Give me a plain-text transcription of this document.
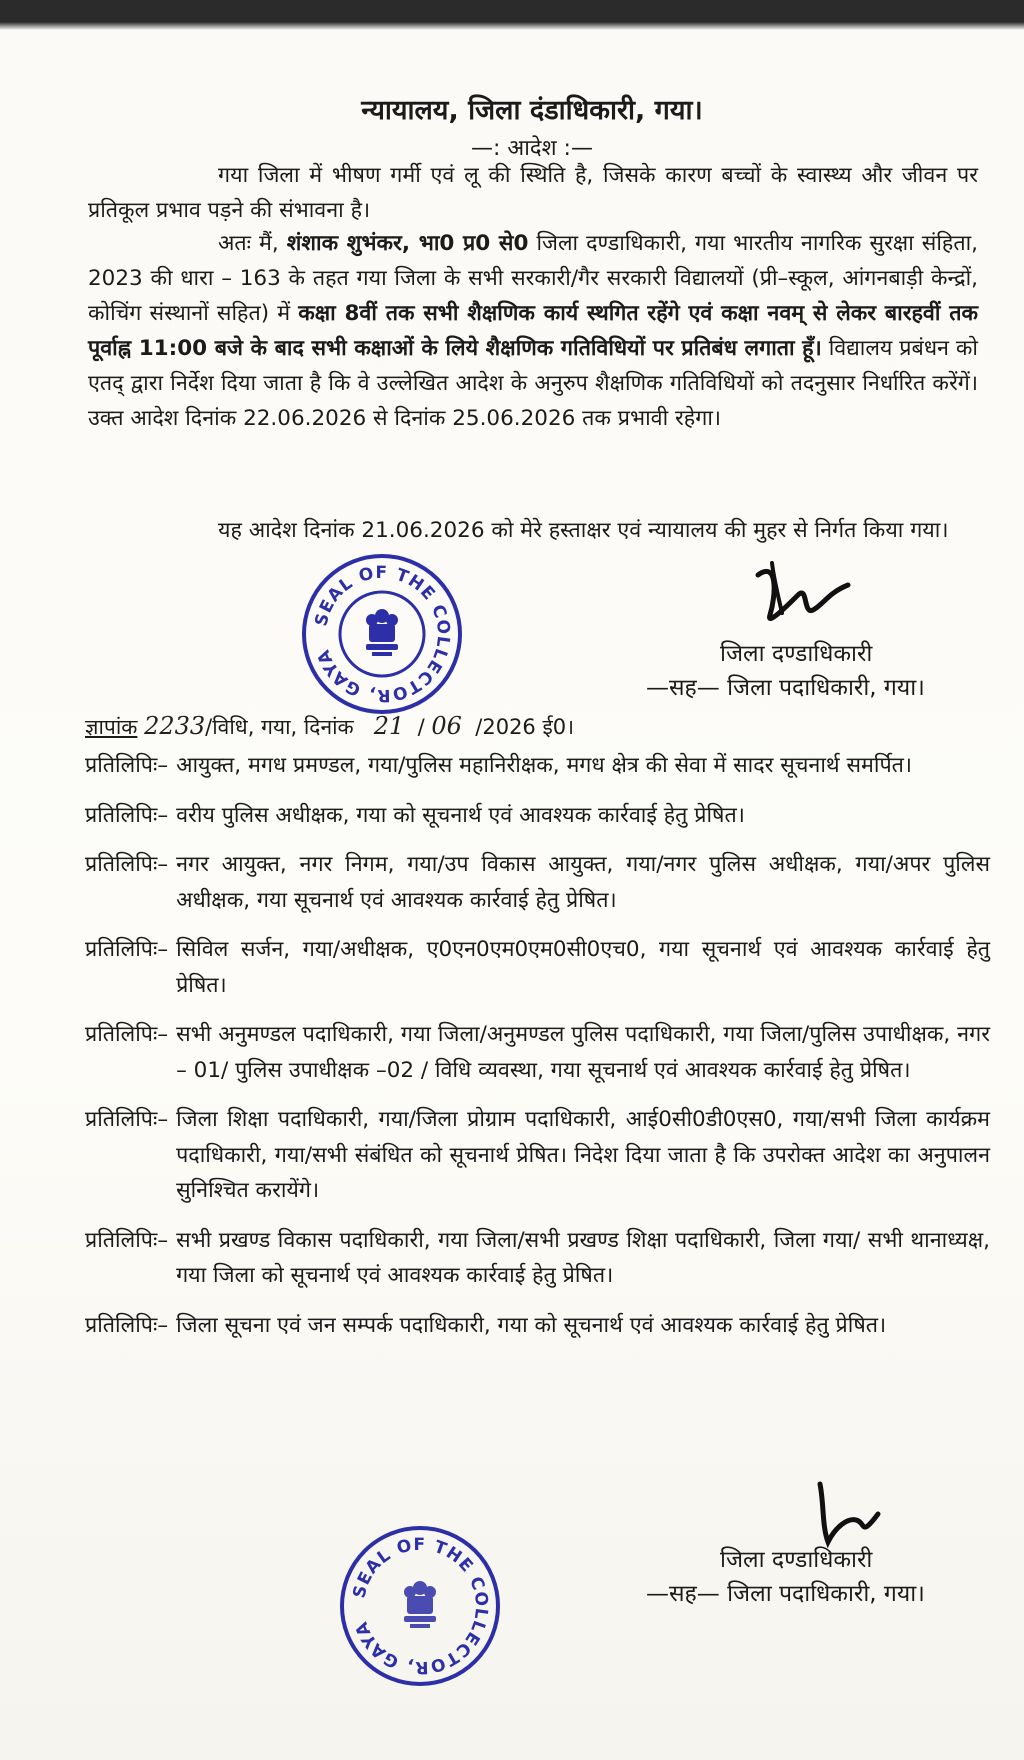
न्यायालय, जिला दंडाधिकारी, गया।
—: आदेश :—
गया जिला में भीषण गर्मी एवं लू की स्थिति है, जिसके कारण बच्चों के स्वास्थ्य और जीवन पर प्रतिकूल प्रभाव पड़ने की संभावना है।
अतः मैं, शंशाक शुभंकर, भा0 प्र0 से0 जिला दण्डाधिकारी, गया भारतीय नागरिक सुरक्षा संहिता, 2023 की धारा – 163 के तहत गया जिला के सभी सरकारी/गैर सरकारी विद्यालयों (प्री–स्कूल, आंगनबाड़ी केन्द्रों, कोचिंग संस्थानों सहित) में कक्षा 8वीं तक सभी शैक्षणिक कार्य स्थगित रहेंगे एवं कक्षा नवम् से लेकर बारहवीं तक पूर्वाह्न 11:00 बजे के बाद सभी कक्षाओं के लिये शैक्षणिक गतिविधियों पर प्रतिबंध लगाता हूँ। विद्यालय प्रबंधन को एतद् द्वारा निर्देश दिया जाता है कि वे उल्लेखित आदेश के अनुरुप शैक्षणिक गतिविधियों को तदनुसार निर्धारित करेंगें। उक्त आदेश दिनांक 22.06.2026 से दिनांक 25.06.2026 तक प्रभावी रहेगा।
यह आदेश दिनांक 21.06.2026 को मेरे हस्ताक्षर एवं न्यायालय की मुहर से निर्गत किया गया।
SEAL OF THE COLLECTOR, GAYA	जिला दण्डाधिकारी
—सह— जिला पदाधिकारी, गया।
ज्ञापांक 2233/विधि, गया, दिनांक 21  / 06 /2026 ई0।
प्रतिलिपिः– आयुक्त, मगध प्रमण्डल, गया/पुलिस महानिरीक्षक, मगध क्षेत्र की सेवा में सादर सूचनार्थ समर्पित।
प्रतिलिपिः– वरीय पुलिस अधीक्षक, गया को सूचनार्थ एवं आवश्यक कार्रवाई हेतु प्रेषित।
प्रतिलिपिः– नगर आयुक्त, नगर निगम, गया/उप विकास आयुक्त, गया/नगर पुलिस अधीक्षक, गया/अपर पुलिस अधीक्षक, गया सूचनार्थ एवं आवश्यक कार्रवाई हेतु प्रेषित।
प्रतिलिपिः– सिविल सर्जन, गया/अधीक्षक, ए0एन0एम0एम0सी0एच0, गया सूचनार्थ एवं आवश्यक कार्रवाई हेतु प्रेषित।
प्रतिलिपिः– सभी अनुमण्डल पदाधिकारी, गया जिला/अनुमण्डल पुलिस पदाधिकारी, गया जिला/पुलिस उपाधीक्षक, नगर – 01/ पुलिस उपाधीक्षक –02 / विधि व्यवस्था, गया सूचनार्थ एवं आवश्यक कार्रवाई हेतु प्रेषित।
प्रतिलिपिः– जिला शिक्षा पदाधिकारी, गया/जिला प्रोग्राम पदाधिकारी, आई0सी0डी0एस0, गया/सभी जिला कार्यक्रम पदाधिकारी, गया/सभी संबंधित को सूचनार्थ प्रेषित। निदेश दिया जाता है कि उपरोक्त आदेश का अनुपालन सुनिश्चित करायेंगे।
प्रतिलिपिः– सभी प्रखण्ड विकास पदाधिकारी, गया जिला/सभी प्रखण्ड शिक्षा पदाधिकारी, जिला गया/ सभी थानाध्यक्ष, गया जिला को सूचनार्थ एवं आवश्यक कार्रवाई हेतु प्रेषित।
प्रतिलिपिः– जिला सूचना एवं जन सम्पर्क पदाधिकारी, गया को सूचनार्थ एवं आवश्यक कार्रवाई हेतु प्रेषित।
जिला दण्डाधिकारी
—सह— जिला पदाधिकारी, गया।
SEAL OF THE COLLECTOR, GAYA
